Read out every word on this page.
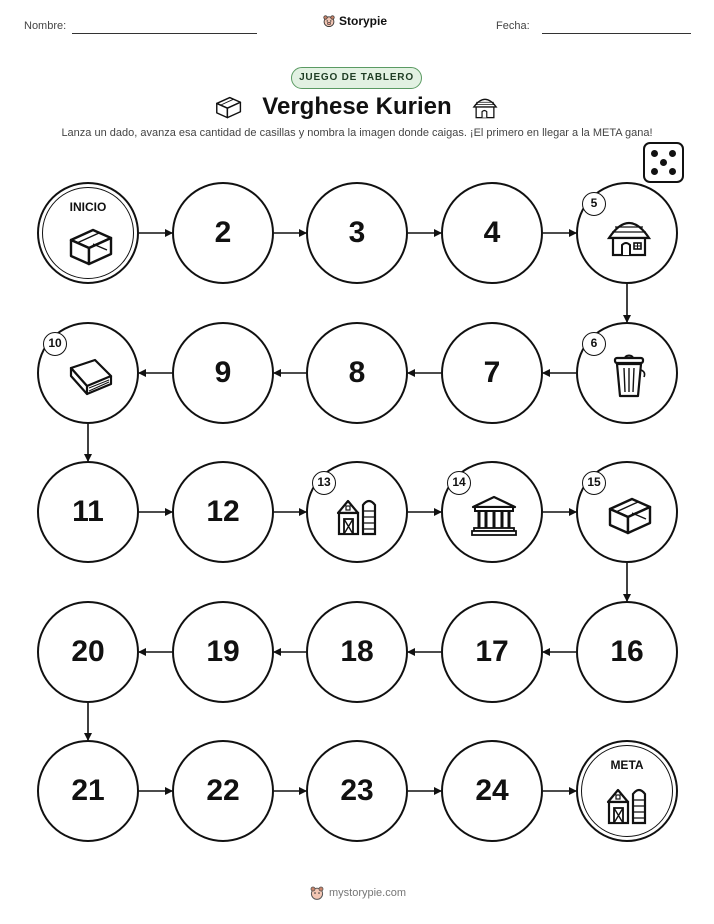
Nombre:	Storypie	Fecha:
JUEGO DE TABLERO
Verghese Kurien
Lanza un dado, avanza esa cantidad de casillas y nombra la imagen donde caigas. ¡El primero en llegar a la META gana!
INICIO
2	3	4
5
6
7
8
9
10
11	12
13	14	15
16
17
18
19
20
21	22	23	24
META
mystorypie.com
